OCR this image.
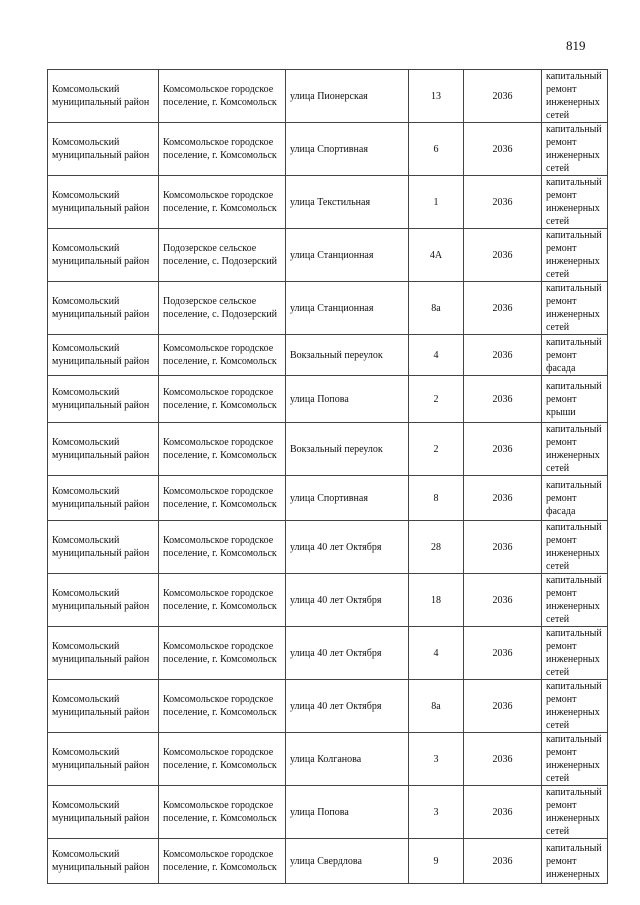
819
Комсомольский муниципальный район	Комсомольское городское поселение, г. Комсомольск	улица Пионерская	13	2036	капитальный ремонт инженерных сетей
Комсомольский муниципальный район	Комсомольское городское поселение, г. Комсомольск	улица Спортивная	6	2036	капитальный ремонт инженерных сетей
Комсомольский муниципальный район	Комсомольское городское поселение, г. Комсомольск	улица Текстильная	1	2036	капитальный ремонт инженерных сетей
Комсомольский муниципальный район	Подозерское сельское поселение, с. Подозерский	улица Станционная	4А	2036	капитальный ремонт инженерных сетей
Комсомольский муниципальный район	Подозерское сельское поселение, с. Подозерский	улица Станционная	8а	2036	капитальный ремонт инженерных сетей
Комсомольский муниципальный район	Комсомольское городское поселение, г. Комсомольск	Вокзальный переулок	4	2036	капитальный ремонт фасада
Комсомольский муниципальный район	Комсомольское городское поселение, г. Комсомольск	улица Попова	2	2036	капитальный ремонт крыши
Комсомольский муниципальный район	Комсомольское городское поселение, г. Комсомольск	Вокзальный переулок	2	2036	капитальный ремонт инженерных сетей
Комсомольский муниципальный район	Комсомольское городское поселение, г. Комсомольск	улица Спортивная	8	2036	капитальный ремонт фасада
Комсомольский муниципальный район	Комсомольское городское поселение, г. Комсомольск	улица 40 лет Октября	28	2036	капитальный ремонт инженерных сетей
Комсомольский муниципальный район	Комсомольское городское поселение, г. Комсомольск	улица 40 лет Октября	18	2036	капитальный ремонт инженерных сетей
Комсомольский муниципальный район	Комсомольское городское поселение, г. Комсомольск	улица 40 лет Октября	4	2036	капитальный ремонт инженерных сетей
Комсомольский муниципальный район	Комсомольское городское поселение, г. Комсомольск	улица 40 лет Октября	8а	2036	капитальный ремонт инженерных сетей
Комсомольский муниципальный район	Комсомольское городское поселение, г. Комсомольск	улица Колганова	3	2036	капитальный ремонт инженерных сетей
Комсомольский муниципальный район	Комсомольское городское поселение, г. Комсомольск	улица Попова	3	2036	капитальный ремонт инженерных сетей
Комсомольский муниципальный район	Комсомольское городское поселение, г. Комсомольск	улица Свердлова	9	2036	капитальный ремонт инженерных
